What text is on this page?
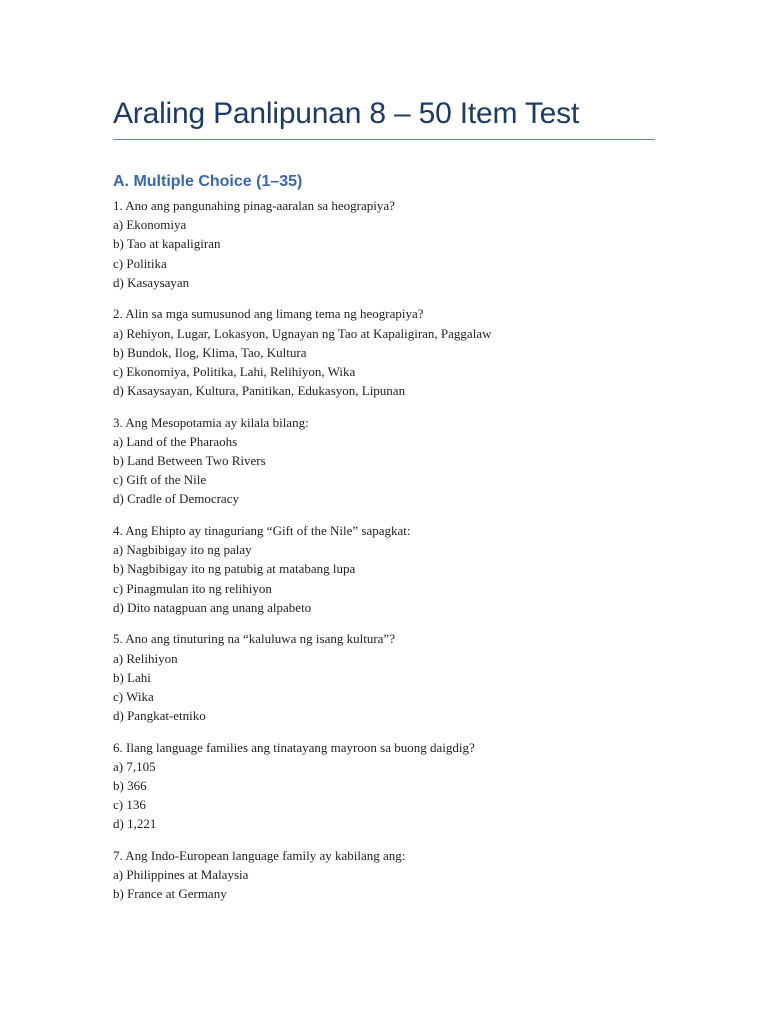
Araling Panlipunan 8 – 50 Item Test
A. Multiple Choice (1–35)
1. Ano ang pangunahing pinag-aaralan sa heograpiya?
a) Ekonomiya
b) Tao at kapaligiran
c) Politika
d) Kasaysayan
2. Alin sa mga sumusunod ang limang tema ng heograpiya?
a) Rehiyon, Lugar, Lokasyon, Ugnayan ng Tao at Kapaligiran, Paggalaw
b) Bundok, Ilog, Klima, Tao, Kultura
c) Ekonomiya, Politika, Lahi, Relihiyon, Wika
d) Kasaysayan, Kultura, Panitikan, Edukasyon, Lipunan
3. Ang Mesopotamia ay kilala bilang:
a) Land of the Pharaohs
b) Land Between Two Rivers
c) Gift of the Nile
d) Cradle of Democracy
4. Ang Ehipto ay tinaguriang “Gift of the Nile” sapagkat:
a) Nagbibigay ito ng palay
b) Nagbibigay ito ng patubig at matabang lupa
c) Pinagmulan ito ng relihiyon
d) Dito natagpuan ang unang alpabeto
5. Ano ang tinuturing na “kaluluwa ng isang kultura”?
a) Relihiyon
b) Lahi
c) Wika
d) Pangkat-etniko
6. Ilang language families ang tinatayang mayroon sa buong daigdig?
a) 7,105
b) 366
c) 136
d) 1,221
7. Ang Indo-European language family ay kabilang ang:
a) Philippines at Malaysia
b) France at Germany
